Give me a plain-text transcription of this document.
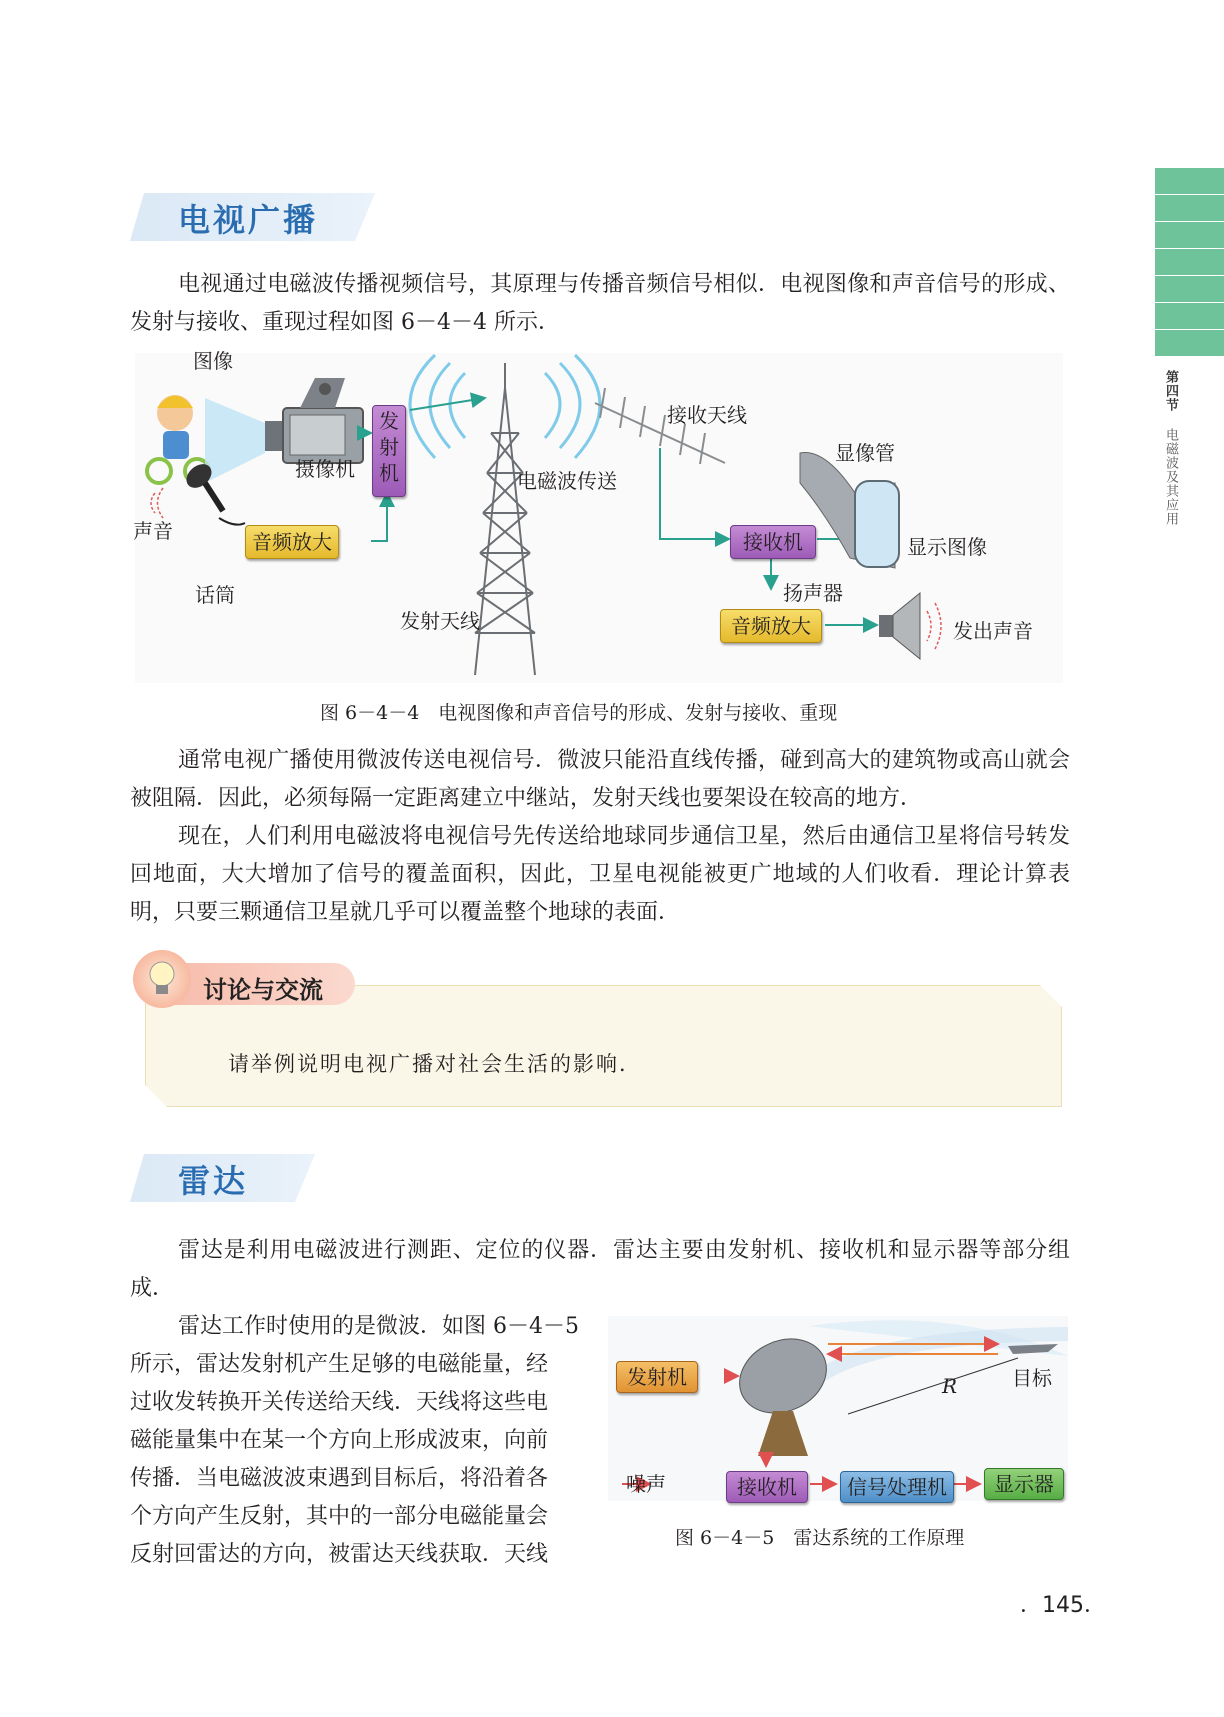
第四节
电磁波及其应用
电视广播
电视通过电磁波传播视频信号，其原理与传播音频信号相似．电视图像和声音信号的形成、发射与接收、重现过程如图 6－4－4 所示．
图像
摄像机
发射机
声音
话筒
音频放大
电磁波传送
发射天线
接收天线
接收机
显像管
显示图像
扬声器
音频放大	发出声音
图 6－4－4　电视图像和声音信号的形成、发射与接收、重现
通常电视广播使用微波传送电视信号．微波只能沿直线传播，碰到高大的建筑物或高山就会被阻隔．因此，必须每隔一定距离建立中继站，发射天线也要架设在较高的地方．
现在，人们利用电磁波将电视信号先传送给地球同步通信卫星，然后由通信卫星将信号转发回地面，大大增加了信号的覆盖面积，因此，卫星电视能被更广地域的人们收看．理论计算表明，只要三颗通信卫星就几乎可以覆盖整个地球的表面．
讨论与交流
请举例说明电视广播对社会生活的影响．
雷达
雷达是利用电磁波进行测距、定位的仪器．雷达主要由发射机、接收机和显示器等部分组成．
雷达工作时使用的是微波．如图 6－4－5
所示，雷达发射机产生足够的电磁能量，经
过收发转换开关传送给天线．天线将这些电
磁能量集中在某一个方向上形成波束，向前
传播．当电磁波波束遇到目标后，将沿着各
个方向产生反射，其中的一部分电磁能量会
反射回雷达的方向，被雷达天线获取．天线
发射机	目标
R
噪声	接收机	信号处理机	显示器
图 6－4－5　雷达系统的工作原理
．145．
